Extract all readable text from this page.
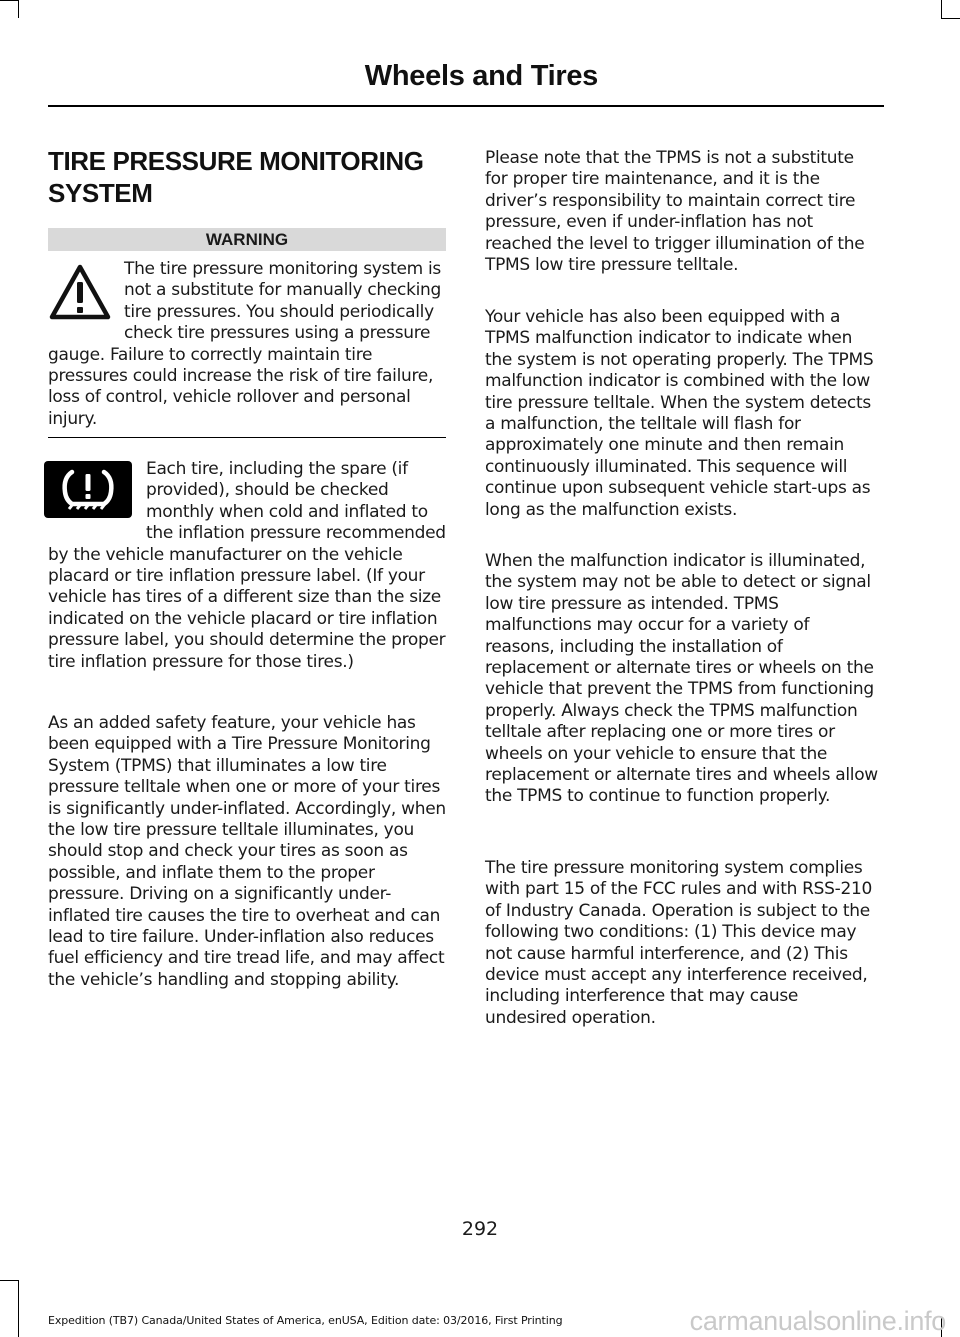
Wheels and Tires
TIRE PRESSURE MONITORING SYSTEM
WARNING

The tire pressure monitoring system is not a substitute for manually checking tire pressures. You should periodically check tire pressures using a pressure gauge. Failure to correctly maintain tire pressures could increase the risk of tire failure, loss of control, vehicle rollover and personal injury.

Each tire, including the spare (if provided), should be checked monthly when cold and inflated to the inflation pressure recommended by the vehicle manufacturer on the vehicle placard or tire inflation pressure label. (If your vehicle has tires of a different size than the size indicated on the vehicle placard or tire inflation pressure label, you should determine the proper tire inflation pressure for those tires.)

As an added safety feature, your vehicle has been equipped with a Tire Pressure Monitoring System (TPMS) that illuminates a low tire pressure telltale when one or more of your tires is significantly under-inflated. Accordingly, when the low tire pressure telltale illuminates, you should stop and check your tires as soon as possible, and inflate them to the proper pressure. Driving on a significantly under-inflated tire causes the tire to overheat and can lead to tire failure. Under-inflation also reduces fuel efficiency and tire tread life, and may affect the vehicle’s handling and stopping ability.

Please note that the TPMS is not a substitute for proper tire maintenance, and it is the driver’s responsibility to maintain correct tire pressure, even if under-inflation has not reached the level to trigger illumination of the TPMS low tire pressure telltale.

Your vehicle has also been equipped with a TPMS malfunction indicator to indicate when the system is not operating properly. The TPMS malfunction indicator is combined with the low tire pressure telltale. When the system detects a malfunction, the telltale will flash for approximately one minute and then remain continuously illuminated. This sequence will continue upon subsequent vehicle start-ups as long as the malfunction exists.

When the malfunction indicator is illuminated, the system may not be able to detect or signal low tire pressure as intended. TPMS malfunctions may occur for a variety of reasons, including the installation of replacement or alternate tires or wheels on the vehicle that prevent the TPMS from functioning properly. Always check the TPMS malfunction telltale after replacing one or more tires or wheels on your vehicle to ensure that the replacement or alternate tires and wheels allow the TPMS to continue to function properly.

The tire pressure monitoring system complies with part 15 of the FCC rules and with RSS-210 of Industry Canada. Operation is subject to the following two conditions: (1) This device may not cause harmful interference, and (2) This device must accept any interference received, including interference that may cause undesired operation.

292
Expedition (TB7) Canada/United States of America, enUSA, Edition date: 03/2016, First Printing	carmanualsonline.info
